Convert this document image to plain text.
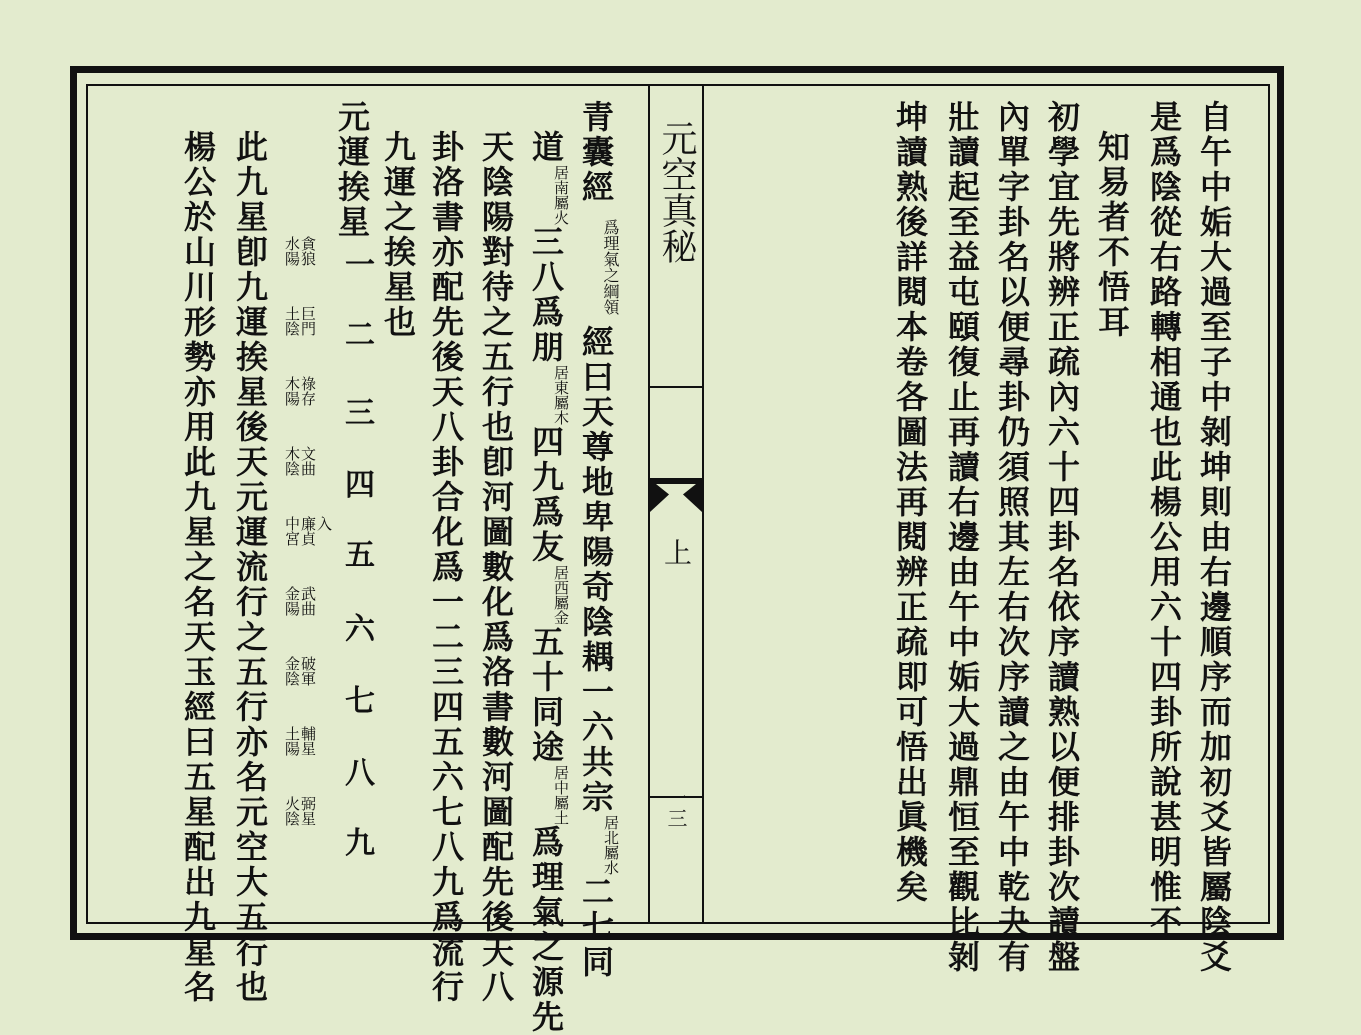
元空真秘
上
一三	自午中姤大過至子中剝坤則由右邊順序而加初爻皆屬陰爻
是爲陰從右路轉相通也此楊公用六十四卦所說甚明惟不
知易者不悟耳
初學宜先將辨正疏內六十四卦名依序讀熟以便排卦次讀盤
內單字卦名以便尋卦仍須照其左右次序讀之由午中乾夬有
壯讀起至益屯頤復止再讀右邊由午中姤大過鼎恒至觀比剝
坤讀熟後詳閱本卷各圖法再閱辨正疏即可悟出眞機矣
青囊經爲理氣之綱領經曰天尊地卑陽奇陰耦一六共宗居北屬水二七同
道居南屬火三八爲朋居東屬木四九爲友居西屬金五十同途居中屬土爲理氣之源先
天陰陽對待之五行也卽河圖數化爲洛書數河圖配先後天八
卦洛書亦配先後天八卦合化爲一二三四五六七八九爲流行
九運之挨星也
元運挨星
一
二
三
四
五
六
七
八
九
貪狼
水陽
巨門
土陰
祿存
木陽
文曲
木陰
廉貞
中宮 入
武曲
金陽
破軍
金陰
輔星
土陽
弼星
火陰
此九星卽九運挨星後天元運流行之五行亦名元空大五行也
楊公於山川形勢亦用此九星之名天玉經曰五星配出九星名
